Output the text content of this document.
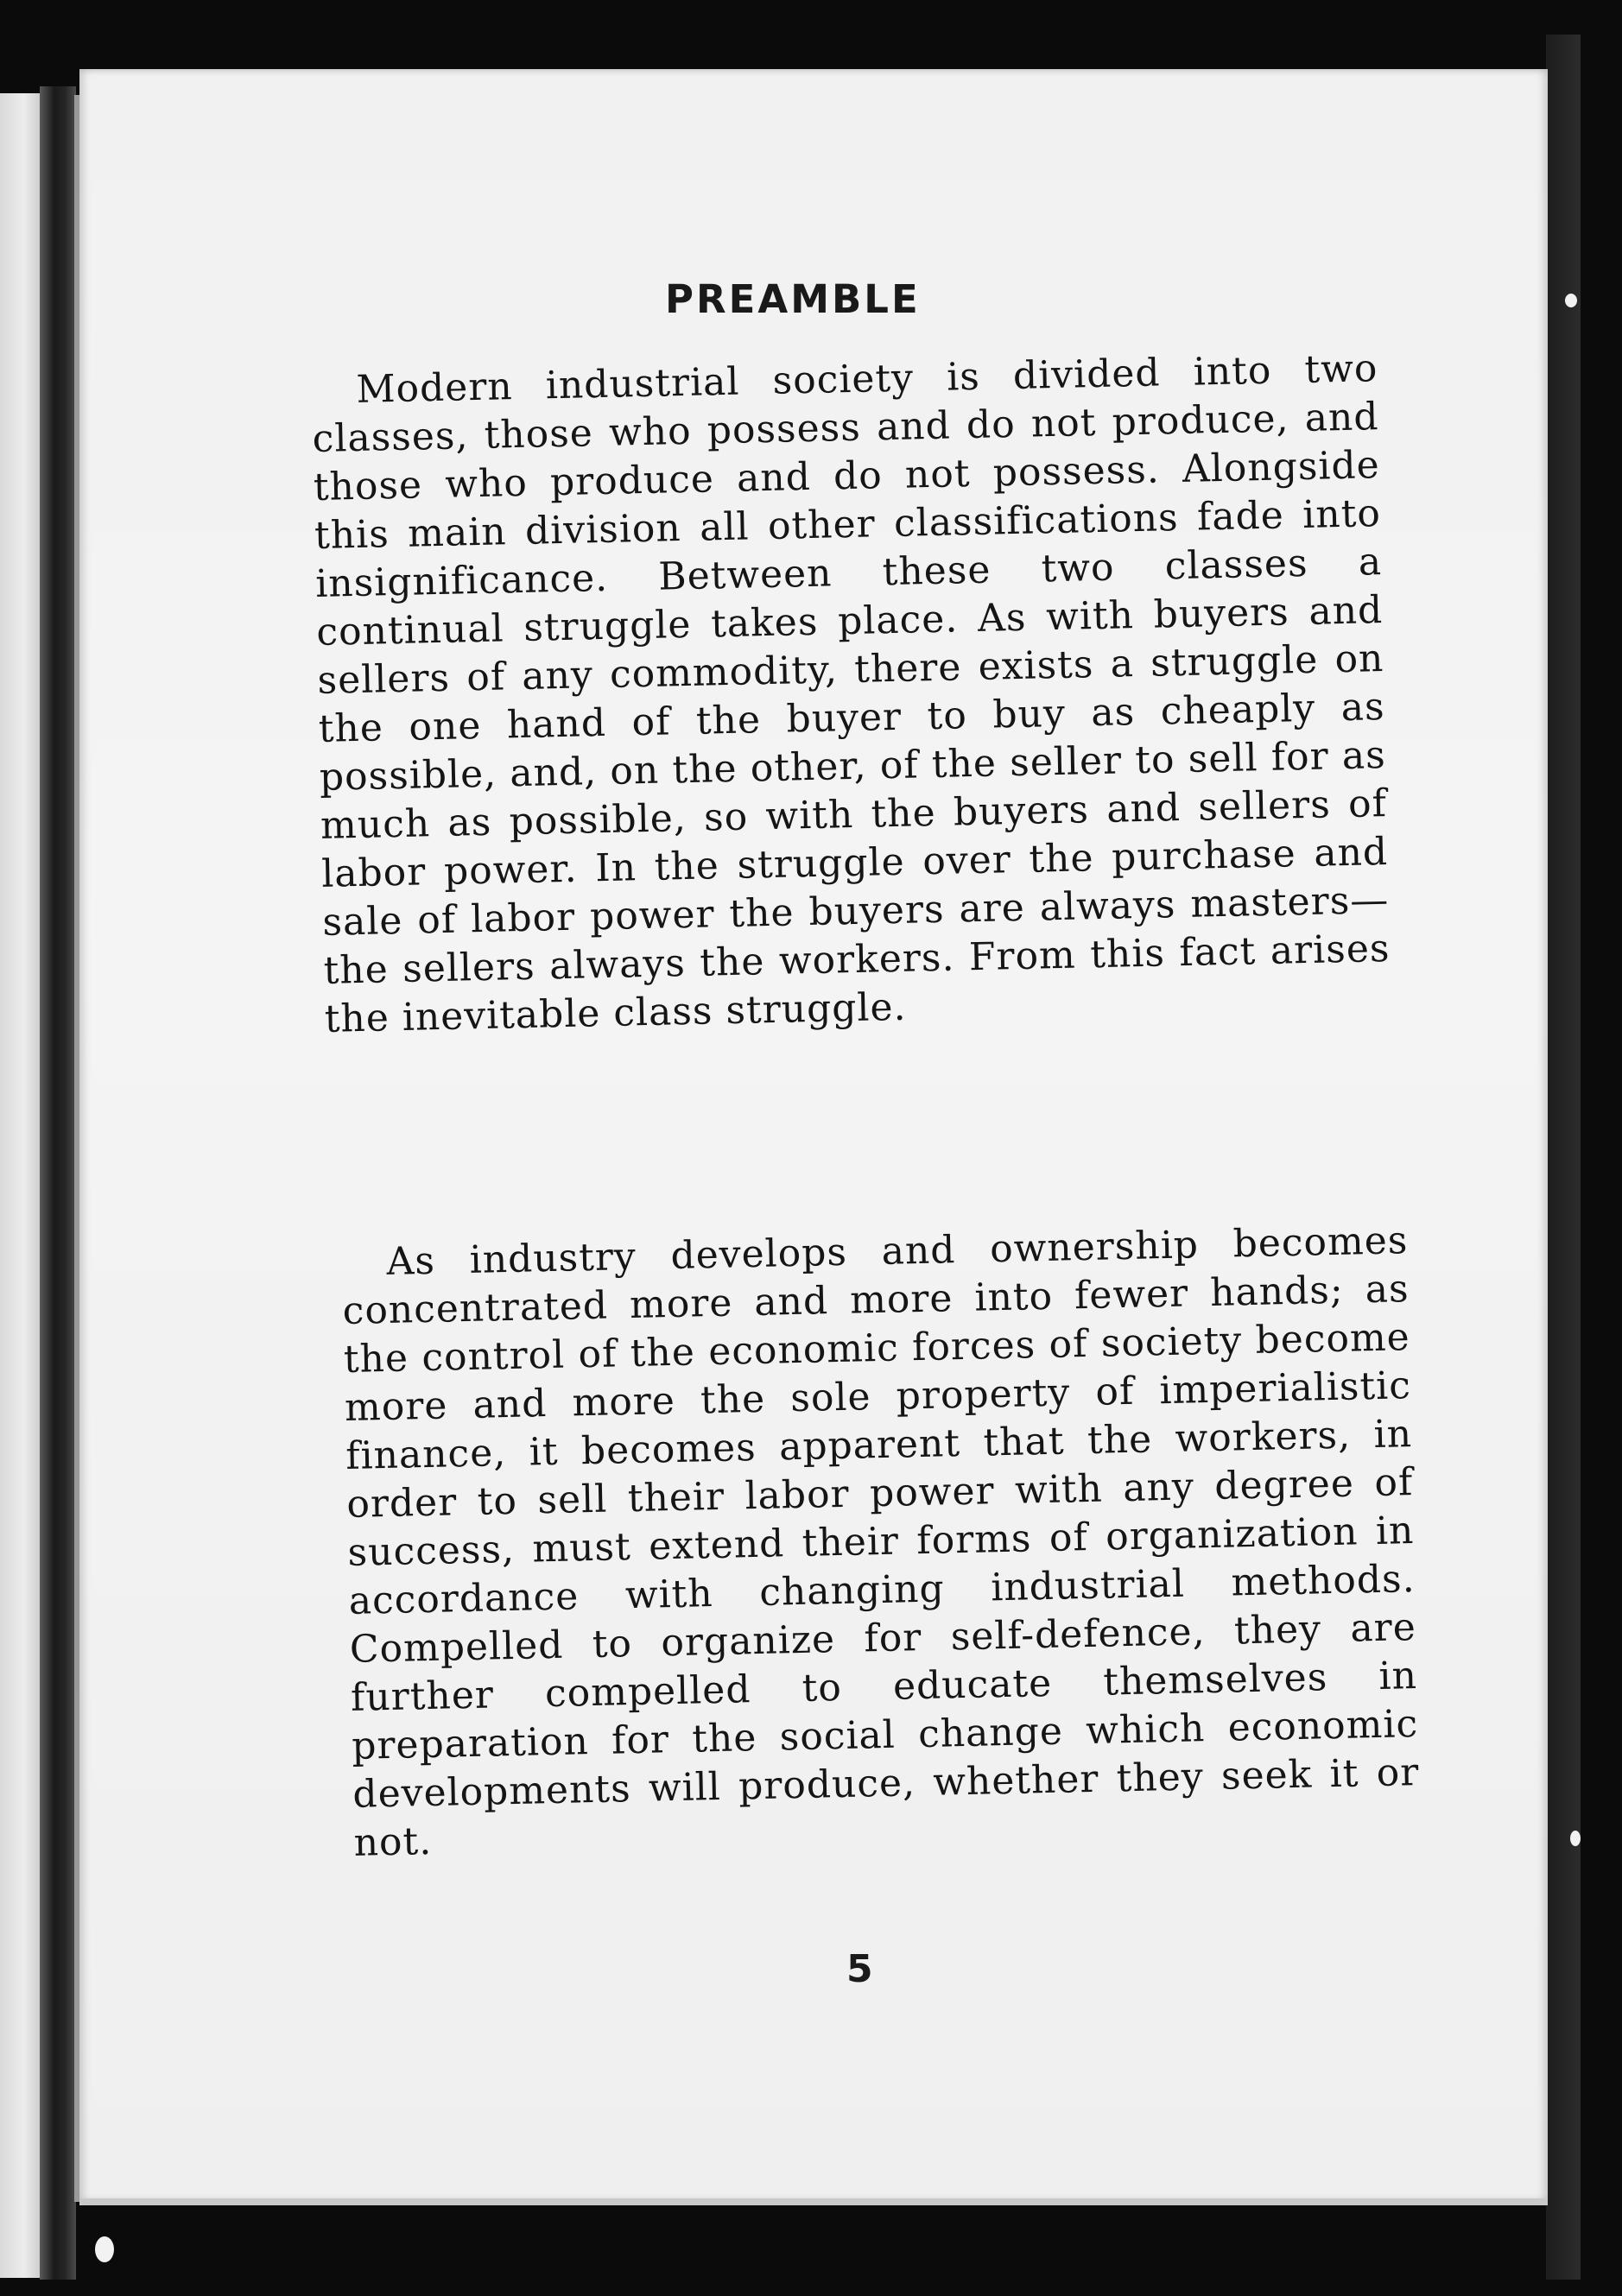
PREAMBLE

Modern industrial society is divided into two classes, those who possess and do not produce, and those who produce and do not possess. Alongside this main division all other classifications fade into insignificance. Between these two classes a continual struggle takes place. As with buyers and sellers of any commodity, there exists a struggle on the one hand of the buyer to buy as cheaply as possible, and, on the other, of the seller to sell for as much as possible, so with the buyers and sellers of labor power. In the struggle over the purchase and sale of labor power the buyers are always masters—the sellers always the workers. From this fact arises the inevitable class struggle.

As industry develops and ownership becomes concentrated more and more into fewer hands; as the control of the economic forces of society become more and more the sole property of imperialistic finance, it becomes apparent that the workers, in order to sell their labor power with any degree of success, must extend their forms of organization in accordance with changing industrial methods. Compelled to organize for self-defence, they are further compelled to educate themselves in preparation for the social change which economic developments will produce, whether they seek it or not.

5
